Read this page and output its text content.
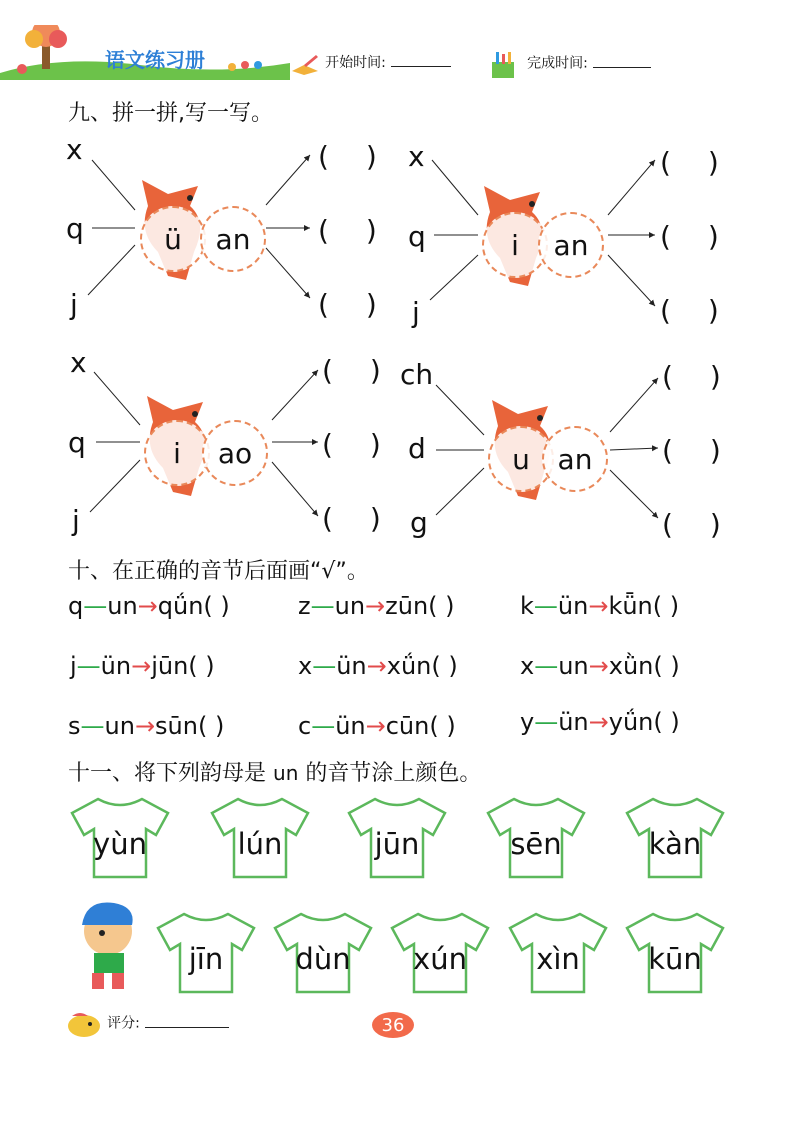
语文练习册	开始时间:	完成时间:
九、拼一拼,写一写。
x
q
j
ü	an
( )
( )
( )
x
q
j
i	an
( )
( )
( )
x
q
j
i	ao
( )
( )
( )
ch
d
g
u an
( )
( )
( )
十、在正确的音节后面画“√”。
q—un→qǘn( )	z—un→zūn( )	k—ün→kǖn( )
j—ün→jūn( )	x—ün→xǘn( )	x—un→xǜn( )
s—un→sūn( )	c—ün→cūn( )	y—ün→yǘn( )
十一、将下列韵母是 un 的音节涂上颜色。
yùn	lún	jūn	sēn	kàn
jīn	dùn	xún	xìn	kūn
评分:	36
